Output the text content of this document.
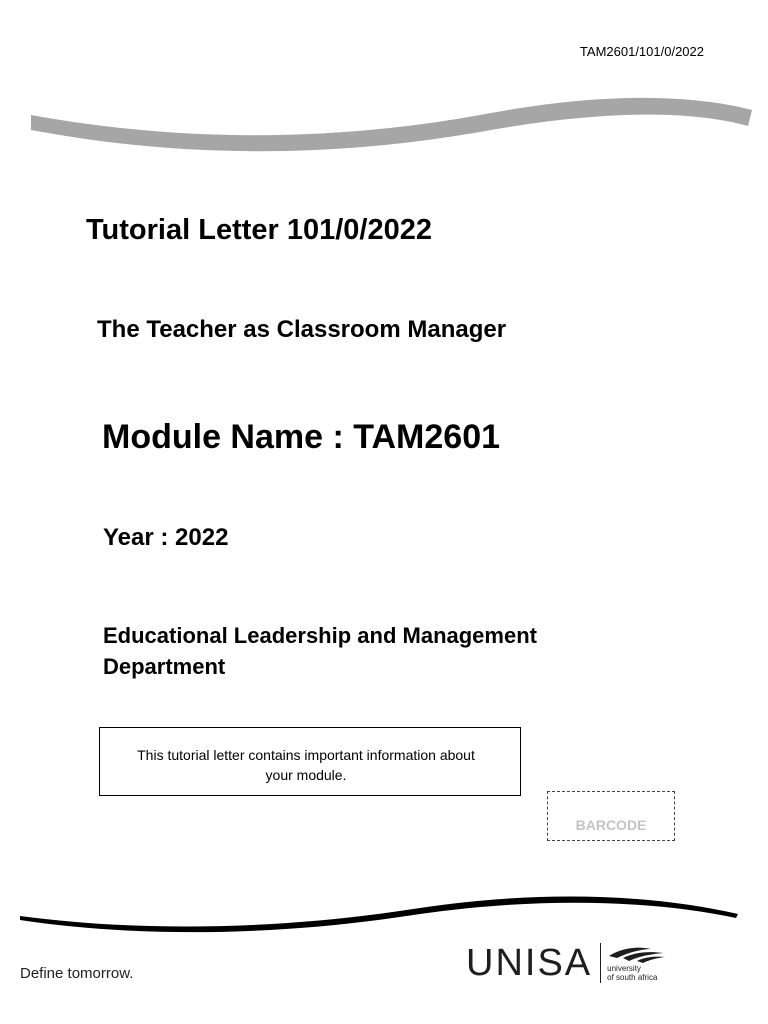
TAM2601/101/0/2022
Tutorial Letter 101/0/2022
The Teacher as Classroom Manager
Module Name : TAM2601
Year : 2022
Educational Leadership and Management
Department
This tutorial letter contains important information about
your module.
BARCODE
Define tomorrow.	UNISA university
of south africa
